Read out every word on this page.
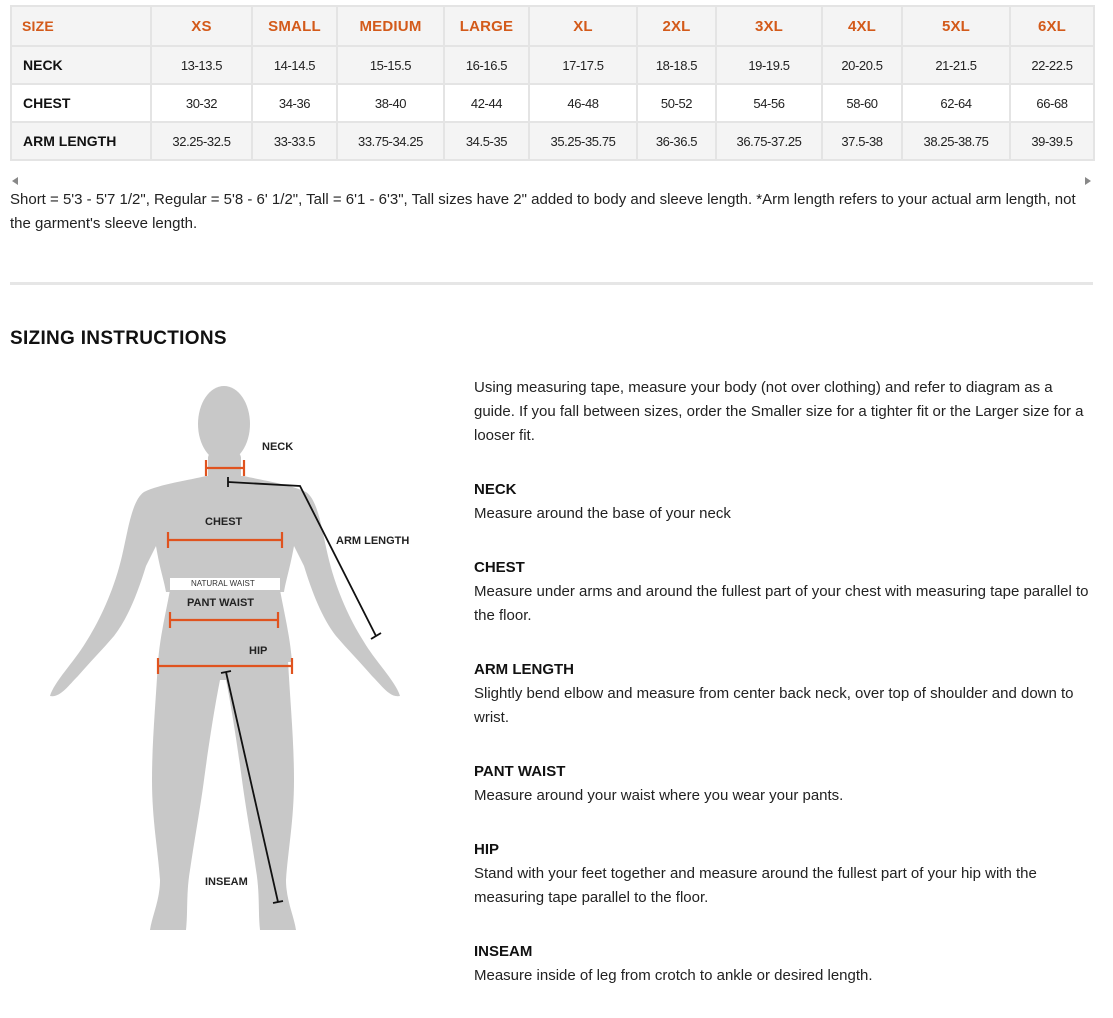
SIZE	XS	SMALL	MEDIUM	LARGE	XL	2XL	3XL	4XL	5XL	6XL
NECK	13-13.5	14-14.5	15-15.5	16-16.5	17-17.5	18-18.5	19-19.5	20-20.5	21-21.5	22-22.5
CHEST	30-32	34-36	38-40	42-44	46-48	50-52	54-56	58-60	62-64	66-68
ARM LENGTH	32.25-32.5	33-33.5	33.75-34.25	34.5-35	35.25-35.75	36-36.5	36.75-37.25	37.5-38	38.25-38.75	39-39.5
Short = 5'3 - 5'7 1/2", Regular = 5'8 - 6' 1/2", Tall = 6'1 - 6'3", Tall sizes have 2" added to body and sleeve length. *Arm length refers to your actual arm length, not the garment's sleeve length.
SIZING INSTRUCTIONS
NECK
CHEST
ARM LENGTH
NATURAL WAIST
PANT WAIST
HIP
INSEAM

Using measuring tape, measure your body (not over clothing) and refer to diagram as a guide. If you fall between sizes, order the Smaller size for a tighter fit or the Larger size for a looser fit.

NECK
Measure around the base of your neck
CHEST
Measure under arms and around the fullest part of your chest with measuring tape parallel to the floor.
ARM LENGTH
Slightly bend elbow and measure from center back neck, over top of shoulder and down to wrist.
PANT WAIST
Measure around your waist where you wear your pants.
HIP
Stand with your feet together and measure around the fullest part of your hip with the measuring tape parallel to the floor.
INSEAM
Measure inside of leg from crotch to ankle or desired length.
